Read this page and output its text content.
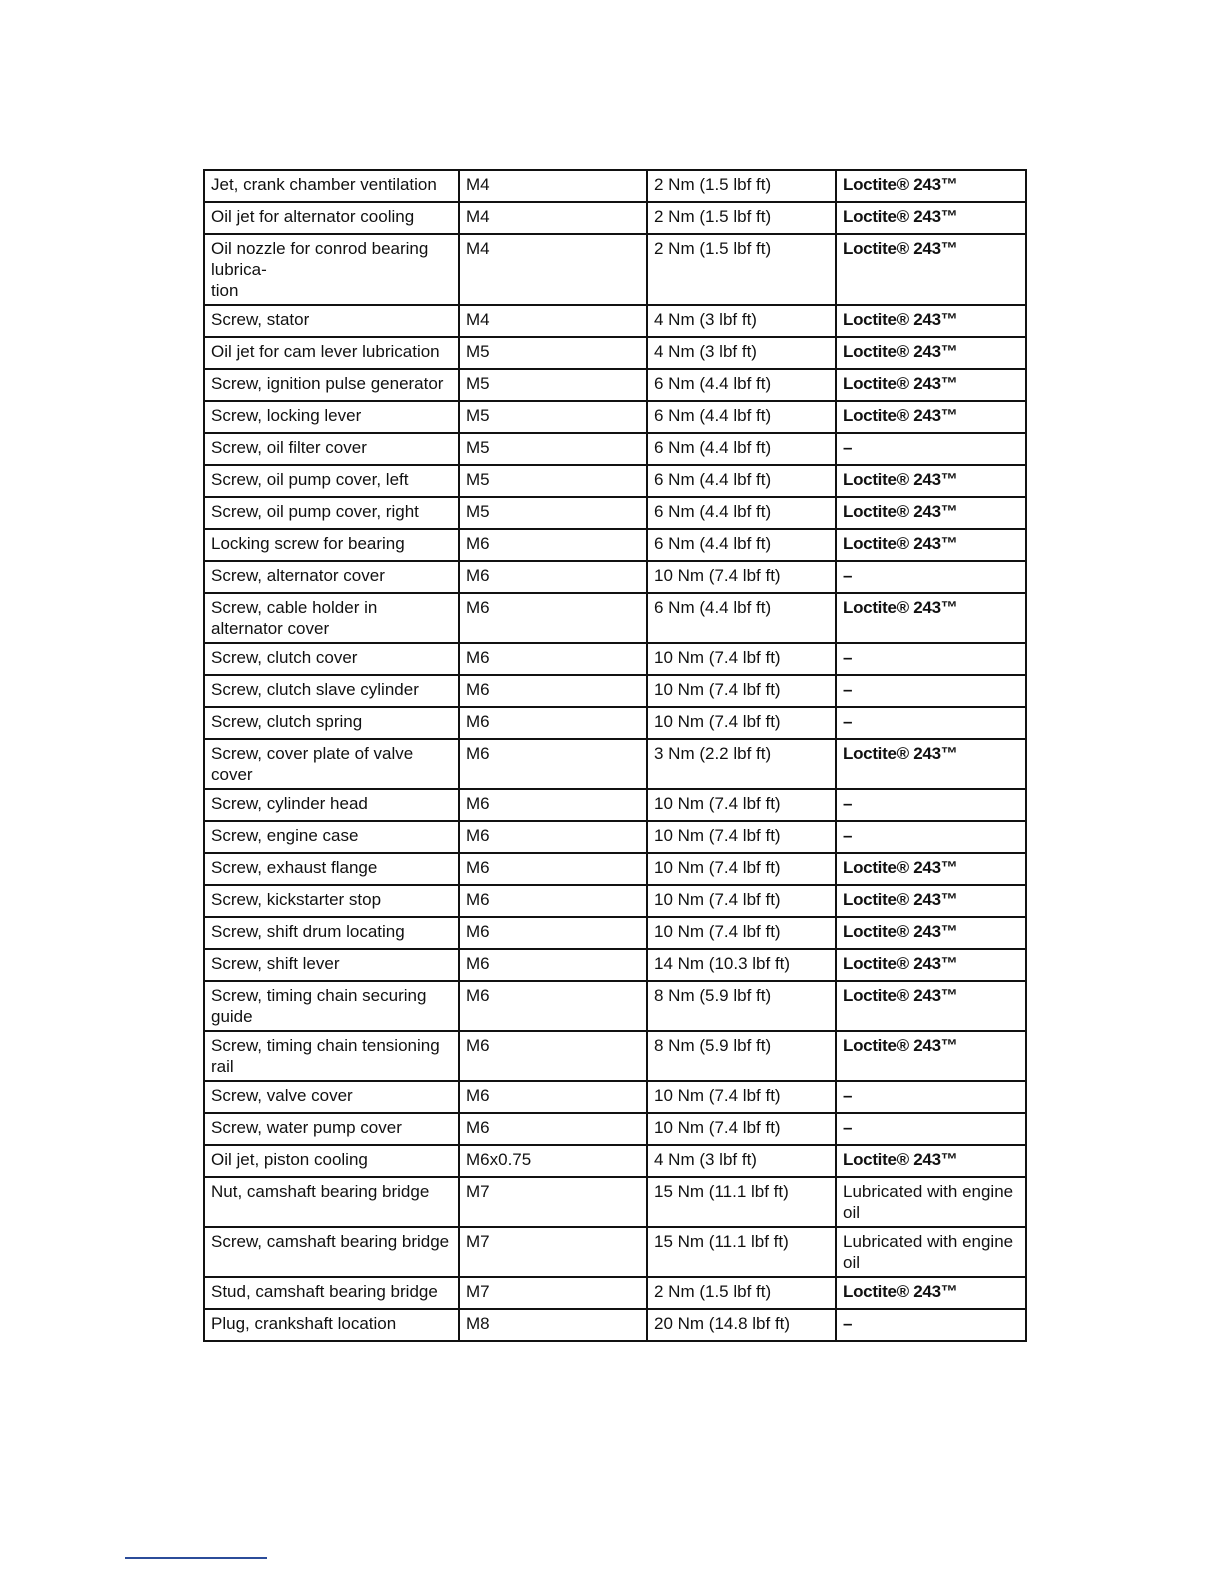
Jet, crank chamber ventilation	M4	2 Nm (1.5 lbf ft)	Loctite® 243™
Oil jet for alternator cooling	M4	2 Nm (1.5 lbf ft)	Loctite® 243™
Oil nozzle for conrod bearing lubrica-
tion	M4	2 Nm (1.5 lbf ft)	Loctite® 243™
Screw, stator	M4	4 Nm (3 lbf ft)	Loctite® 243™
Oil jet for cam lever lubrication	M5	4 Nm (3 lbf ft)	Loctite® 243™
Screw, ignition pulse generator	M5	6 Nm (4.4 lbf ft)	Loctite® 243™
Screw, locking lever	M5	6 Nm (4.4 lbf ft)	Loctite® 243™
Screw, oil filter cover	M5	6 Nm (4.4 lbf ft)	–
Screw, oil pump cover, left	M5	6 Nm (4.4 lbf ft)	Loctite® 243™
Screw, oil pump cover, right	M5	6 Nm (4.4 lbf ft)	Loctite® 243™
Locking screw for bearing	M6	6 Nm (4.4 lbf ft)	Loctite® 243™
Screw, alternator cover	M6	10 Nm (7.4 lbf ft)	–
Screw, cable holder in alternator cover	M6	6 Nm (4.4 lbf ft)	Loctite® 243™
Screw, clutch cover	M6	10 Nm (7.4 lbf ft)	–
Screw, clutch slave cylinder	M6	10 Nm (7.4 lbf ft)	–
Screw, clutch spring	M6	10 Nm (7.4 lbf ft)	–
Screw, cover plate of valve cover	M6	3 Nm (2.2 lbf ft)	Loctite® 243™
Screw, cylinder head	M6	10 Nm (7.4 lbf ft)	–
Screw, engine case	M6	10 Nm (7.4 lbf ft)	–
Screw, exhaust flange	M6	10 Nm (7.4 lbf ft)	Loctite® 243™
Screw, kickstarter stop	M6	10 Nm (7.4 lbf ft)	Loctite® 243™
Screw, shift drum locating	M6	10 Nm (7.4 lbf ft)	Loctite® 243™
Screw, shift lever	M6	14 Nm (10.3 lbf ft)	Loctite® 243™
Screw, timing chain securing guide	M6	8 Nm (5.9 lbf ft)	Loctite® 243™
Screw, timing chain tensioning rail	M6	8 Nm (5.9 lbf ft)	Loctite® 243™
Screw, valve cover	M6	10 Nm (7.4 lbf ft)	–
Screw, water pump cover	M6	10 Nm (7.4 lbf ft)	–
Oil jet, piston cooling	M6x0.75	4 Nm (3 lbf ft)	Loctite® 243™
Nut, camshaft bearing bridge	M7	15 Nm (11.1 lbf ft)	Lubricated with engine oil
Screw, camshaft bearing bridge	M7	15 Nm (11.1 lbf ft)	Lubricated with engine oil
Stud, camshaft bearing bridge	M7	2 Nm (1.5 lbf ft)	Loctite® 243™
Plug, crankshaft location	M8	20 Nm (14.8 lbf ft)	–
